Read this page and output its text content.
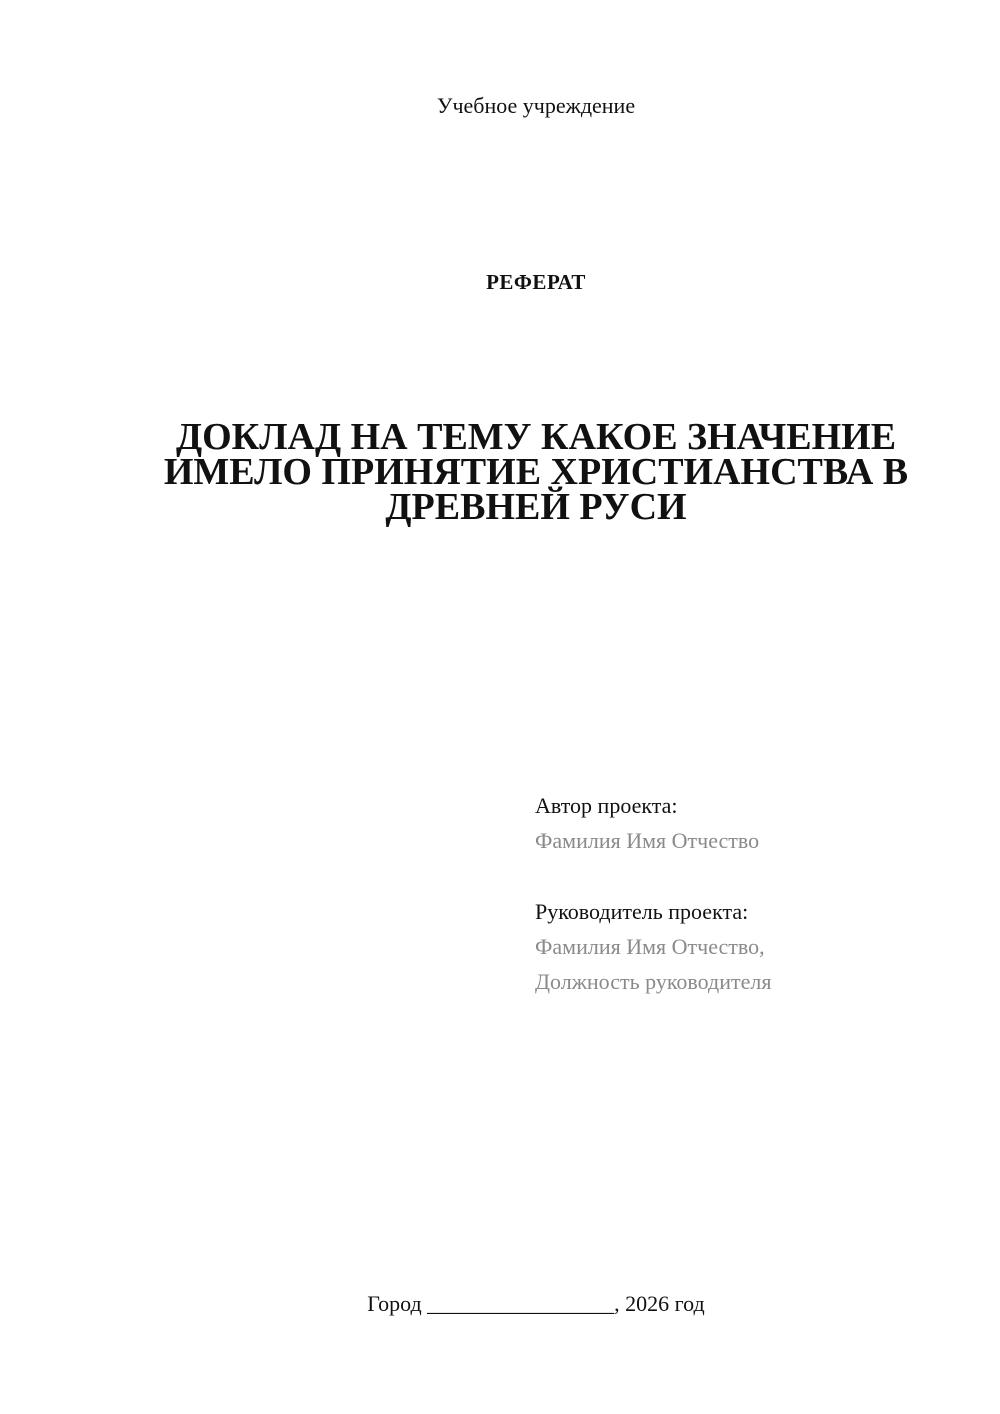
Учебное учреждение
РЕФЕРАТ
ДОКЛАД НА ТЕМУ КАКОЕ ЗНАЧЕНИЕ
ИМЕЛО ПРИНЯТИЕ ХРИСТИАНСТВА В
ДРЕВНЕЙ РУСИ
Автор проекта:
Фамилия Имя Отчество
Руководитель проекта:
Фамилия Имя Отчество,
Должность руководителя
Город _________________, 2026 год
